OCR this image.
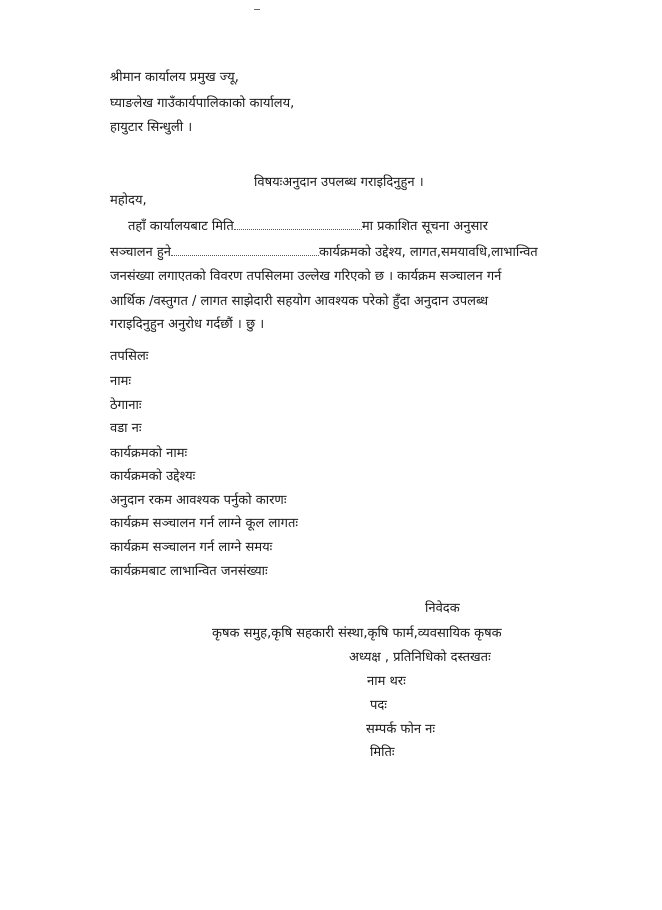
श्रीमान कार्यालय प्रमुख ज्यू,
घ्याङलेख गाउँकार्यपालिकाको कार्यालय,
हायुटार सिन्धुली ।
विषयःअनुदान उपलब्ध गराइदिनुहुन ।
महोदय,
तहाँ कार्यालयबाट मिति	मा प्रकाशित सूचना अनुसार
सञ्चालन हुने	कार्यक्रमको उद्देश्य, लागत,समयावधि,लाभान्वित
जनसंख्या लगाएतको विवरण तपसिलमा उल्लेख गरिएको छ । कार्यक्रम सञ्चालन गर्न
आर्थिक /वस्तुगत / लागत साझेदारी सहयोग आवश्यक परेको हुँदा अनुदान उपलब्ध
गराइदिनुहुन अनुरोध गर्दछौं । छु ।
तपसिलः
नामः
ठेगानाः
वडा नः
कार्यक्रमको नामः
कार्यक्रमको उद्देश्यः
अनुदान रकम आवश्यक पर्नुको कारणः
कार्यक्रम सञ्चालन गर्न लाग्ने कूल लागतः
कार्यक्रम सञ्चालन गर्न लाग्ने समयः
कार्यक्रमबाट लाभान्वित जनसंख्याः
निवेदक
कृषक समुह,कृषि सहकारी संस्था,कृषि फार्म,व्यवसायिक कृषक
अध्यक्ष , प्रतिनिधिको दस्तखतः
नाम थरः
पदः
सम्पर्क फोन नः
मितिः
